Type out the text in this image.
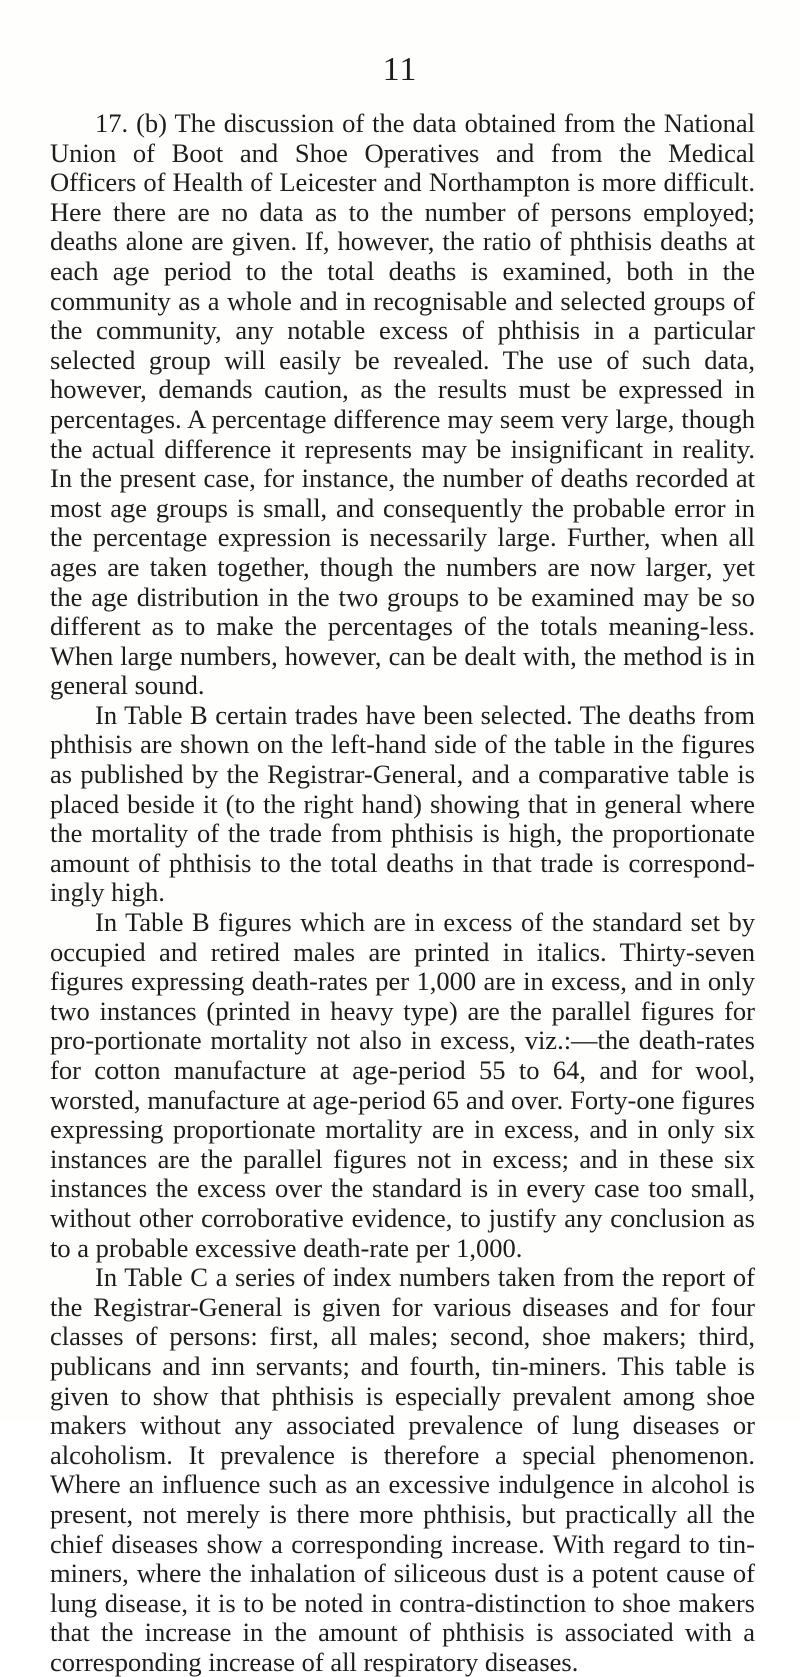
11

17. (b) The discussion of the data obtained from the National Union of Boot and Shoe Operatives and from the Medical Officers of Health of Leicester and Northampton is more difficult. Here there are no data as to the number of persons employed; deaths alone are given. If, however, the ratio of phthisis deaths at each age period to the total deaths is examined, both in the community as a whole and in recognisable and selected groups of the community, any notable excess of phthisis in a particular selected group will easily be revealed. The use of such data, however, demands caution, as the results must be expressed in percentages. A percentage difference may seem very large, though the actual difference it represents may be insignificant in reality. In the present case, for instance, the number of deaths recorded at most age groups is small, and consequently the probable error in the percentage expression is necessarily large. Further, when all ages are taken together, though the numbers are now larger, yet the age distribution in the two groups to be examined may be so different as to make the percentages of the totals meaning-less. When large numbers, however, can be dealt with, the method is in general sound.

In Table B certain trades have been selected. The deaths from phthisis are shown on the left-hand side of the table in the figures as published by the Registrar-General, and a comparative table is placed beside it (to the right hand) showing that in general where the mortality of the trade from phthisis is high, the proportionate amount of phthisis to the total deaths in that trade is correspond-ingly high.

In Table B figures which are in excess of the standard set by occupied and retired males are printed in italics. Thirty-seven figures expressing death-rates per 1,000 are in excess, and in only two instances (printed in heavy type) are the parallel figures for pro-portionate mortality not also in excess, viz.:—the death-rates for cotton manufacture at age-period 55 to 64, and for wool, worsted, manufacture at age-period 65 and over. Forty-one figures expressing proportionate mortality are in excess, and in only six instances are the parallel figures not in excess; and in these six instances the excess over the standard is in every case too small, without other corroborative evidence, to justify any conclusion as to a probable excessive death-rate per 1,000.

In Table C a series of index numbers taken from the report of the Registrar-General is given for various diseases and for four classes of persons: first, all males; second, shoe makers; third, publicans and inn servants; and fourth, tin-miners. This table is given to show that phthisis is especially prevalent among shoe makers without any associated prevalence of lung diseases or alcoholism. It prevalence is therefore a special phenomenon. Where an influence such as an excessive indulgence in alcohol is present, not merely is there more phthisis, but practically all the chief diseases show a corresponding increase. With regard to tin-miners, where the inhalation of siliceous dust is a potent cause of lung disease, it is to be noted in contra-distinction to shoe makers that the increase in the amount of phthisis is associated with a corresponding increase of all respiratory diseases.
